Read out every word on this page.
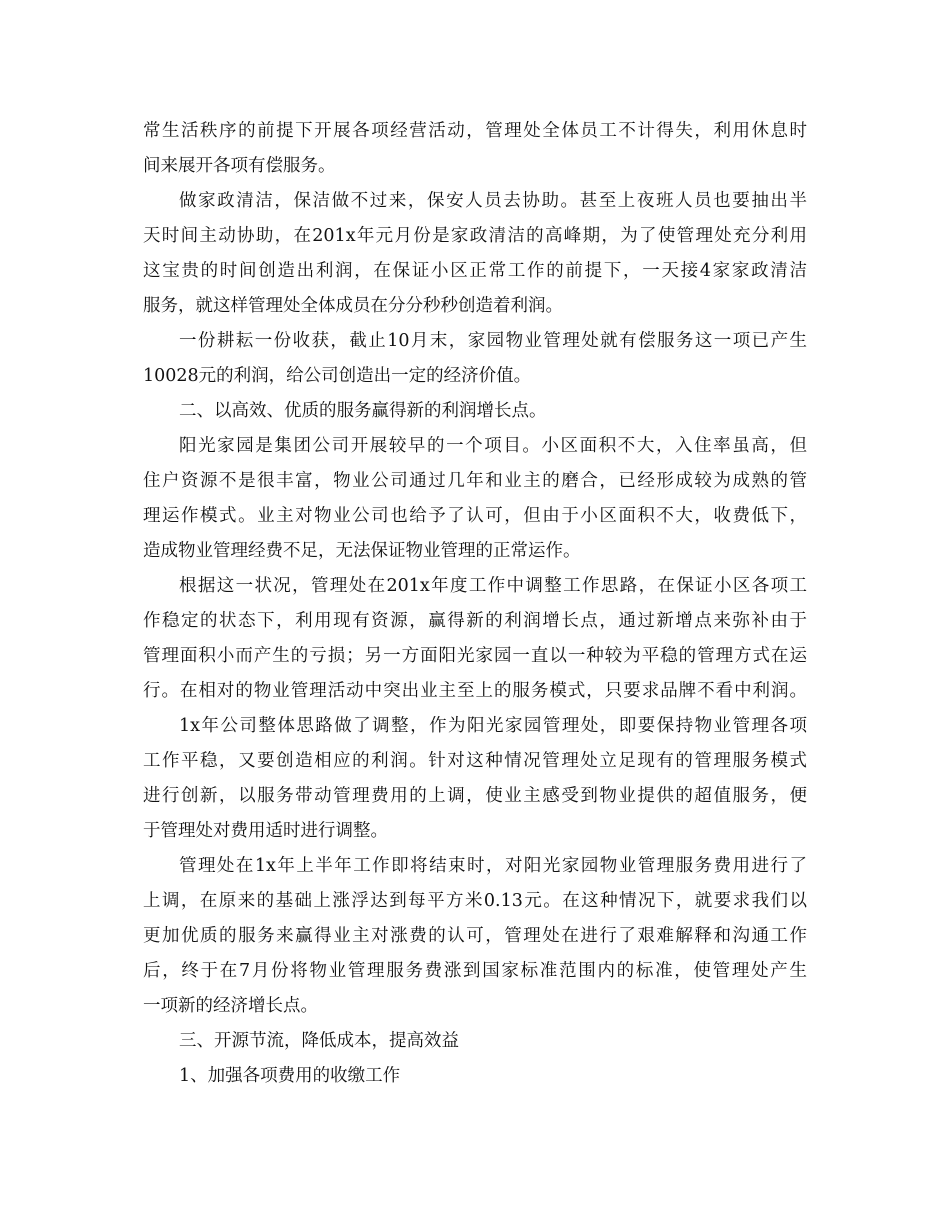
常生活秩序的前提下开展各项经营活动，管理处全体员工不计得失，利用休息时
间来展开各项有偿服务。
做家政清洁，保洁做不过来，保安人员去协助。甚至上夜班人员也要抽出半
天时间主动协助，在201x年元月份是家政清洁的高峰期，为了使管理处充分利用
这宝贵的时间创造出利润，在保证小区正常工作的前提下，一天接4家家政清洁
服务，就这样管理处全体成员在分分秒秒创造着利润。
一份耕耘一份收获，截止10月末，家园物业管理处就有偿服务这一项已产生
10028元的利润，给公司创造出一定的经济价值。
二、以高效、优质的服务赢得新的利润增长点。
阳光家园是集团公司开展较早的一个项目。小区面积不大，入住率虽高，但
住户资源不是很丰富，物业公司通过几年和业主的磨合，已经形成较为成熟的管
理运作模式。业主对物业公司也给予了认可，但由于小区面积不大，收费低下，
造成物业管理经费不足，无法保证物业管理的正常运作。
根据这一状况，管理处在201x年度工作中调整工作思路，在保证小区各项工
作稳定的状态下，利用现有资源，赢得新的利润增长点，通过新增点来弥补由于
管理面积小而产生的亏损；另一方面阳光家园一直以一种较为平稳的管理方式在运
行。在相对的物业管理活动中突出业主至上的服务模式，只要求品牌不看中利润。
1x年公司整体思路做了调整，作为阳光家园管理处，即要保持物业管理各项
工作平稳，又要创造相应的利润。针对这种情况管理处立足现有的管理服务模式
进行创新，以服务带动管理费用的上调，使业主感受到物业提供的超值服务，便
于管理处对费用适时进行调整。
管理处在1x年上半年工作即将结束时，对阳光家园物业管理服务费用进行了
上调，在原来的基础上涨浮达到每平方米0.13元。在这种情况下，就要求我们以
更加优质的服务来赢得业主对涨费的认可，管理处在进行了艰难解释和沟通工作
后，终于在7月份将物业管理服务费涨到国家标准范围内的标准，使管理处产生
一项新的经济增长点。
三、开源节流，降低成本，提高效益
1、加强各项费用的收缴工作
